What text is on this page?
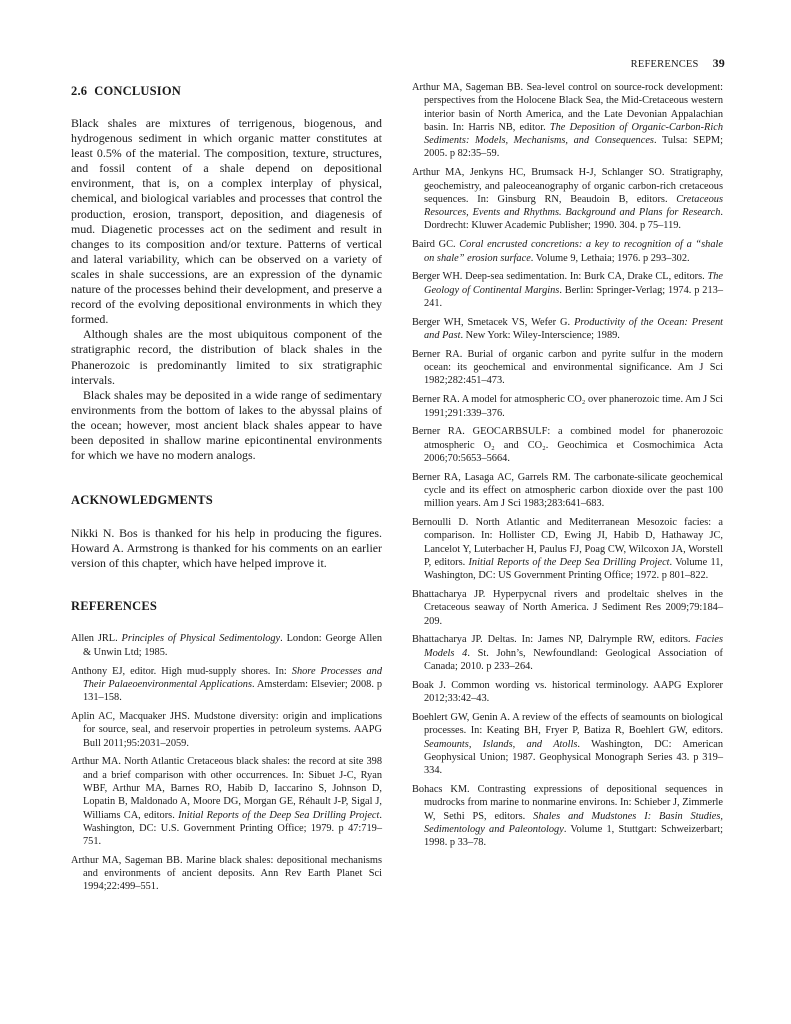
REFERENCES 39
2.6 CONCLUSION

Black shales are mixtures of terrigenous, biogenous, and hydrogenous sediment in which organic matter constitutes at least 0.5% of the material. The composition, texture, structures, and fossil content of a shale depend on depositional environment, that is, on a complex interplay of physical, chemical, and biological variables and processes that control the production, erosion, transport, deposition, and diagenesis of mud. Diagenetic processes act on the sediment and result in changes to its composition and/or texture. Patterns of vertical and lateral variability, which can be observed on a variety of scales in shale successions, are an expression of the dynamic nature of the processes behind their development, and preserve a record of the evolving depositional environments in which they formed.

Although shales are the most ubiquitous component of the stratigraphic record, the distribution of black shales in the Phanerozoic is predominantly limited to six stratigraphic intervals.

Black shales may be deposited in a wide range of sedimentary environments from the bottom of lakes to the abyssal plains of the ocean; however, most ancient black shales appear to have been deposited in shallow marine epicontinental environments for which we have no modern analogs.

ACKNOWLEDGMENTS

Nikki N. Bos is thanked for his help in producing the figures. Howard A. Armstrong is thanked for his comments on an earlier version of this chapter, which have helped improve it.

REFERENCES

Allen JRL. Principles of Physical Sedimentology. London: George Allen & Unwin Ltd; 1985.

Anthony EJ, editor. High mud-supply shores. In: Shore Processes and Their Palaeoenvironmental Applications. Amsterdam: Elsevier; 2008. p 131–158.

Aplin AC, Macquaker JHS. Mudstone diversity: origin and implications for source, seal, and reservoir properties in petroleum systems. AAPG Bull 2011;95:2031–2059.

Arthur MA. North Atlantic Cretaceous black shales: the record at site 398 and a brief comparison with other occurrences. In: Sibuet J-C, Ryan WBF, Arthur MA, Barnes RO, Habib D, Iaccarino S, Johnson D, Lopatin B, Maldonado A, Moore DG, Morgan GE, Réhault J-P, Sigal J, Williams CA, editors. Initial Reports of the Deep Sea Drilling Project. Washington, DC: U.S. Government Printing Office; 1979. p 47:719–751.

Arthur MA, Sageman BB. Marine black shales: depositional mechanisms and environments of ancient deposits. Ann Rev Earth Planet Sci 1994;22:499–551.

Arthur MA, Sageman BB. Sea-level control on source-rock development: perspectives from the Holocene Black Sea, the Mid-Cretaceous western interior basin of North America, and the Late Devonian Appalachian basin. In: Harris NB, editor. The Deposition of Organic-Carbon-Rich Sediments: Models, Mechanisms, and Consequences. Tulsa: SEPM; 2005. p 82:35–59.

Arthur MA, Jenkyns HC, Brumsack H-J, Schlanger SO. Stratigraphy, geochemistry, and paleoceanography of organic carbon-rich cretaceous sequences. In: Ginsburg RN, Beaudoin B, editors. Cretaceous Resources, Events and Rhythms. Background and Plans for Research. Dordrecht: Kluwer Academic Publisher; 1990. 304. p 75–119.

Baird GC. Coral encrusted concretions: a key to recognition of a “shale on shale” erosion surface. Volume 9, Lethaia; 1976. p 293–302.

Berger WH. Deep-sea sedimentation. In: Burk CA, Drake CL, editors. The Geology of Continental Margins. Berlin: Springer-Verlag; 1974. p 213–241.

Berger WH, Smetacek VS, Wefer G. Productivity of the Ocean: Present and Past. New York: Wiley-Interscience; 1989.

Berner RA. Burial of organic carbon and pyrite sulfur in the modern ocean: its geochemical and environmental significance. Am J Sci 1982;282:451–473.

Berner RA. A model for atmospheric CO₂ over phanerozoic time. Am J Sci 1991;291:339–376.

Berner RA. GEOCARBSULF: a combined model for phanerozoic atmospheric O₂ and CO₂. Geochimica et Cosmochimica Acta 2006;70:5653–5664.

Berner RA, Lasaga AC, Garrels RM. The carbonate-silicate geochemical cycle and its effect on atmospheric carbon dioxide over the past 100 million years. Am J Sci 1983;283:641–683.

Bernoulli D. North Atlantic and Mediterranean Mesozoic facies: a comparison. In: Hollister CD, Ewing JI, Habib D, Hathaway JC, Lancelot Y, Luterbacher H, Paulus FJ, Poag CW, Wilcoxon JA, Worstell P, editors. Initial Reports of the Deep Sea Drilling Project. Volume 11, Washington, DC: US Government Printing Office; 1972. p 801–822.

Bhattacharya JP. Hyperpycnal rivers and prodeltaic shelves in the Cretaceous seaway of North America. J Sediment Res 2009;79:184–209.

Bhattacharya JP. Deltas. In: James NP, Dalrymple RW, editors. Facies Models 4. St. John’s, Newfoundland: Geological Association of Canada; 2010. p 233–264.

Boak J. Common wording vs. historical terminology. AAPG Explorer 2012;33:42–43.

Boehlert GW, Genin A. A review of the effects of seamounts on biological processes. In: Keating BH, Fryer P, Batiza R, Boehlert GW, editors. Seamounts, Islands, and Atolls. Washington, DC: American Geophysical Union; 1987. Geophysical Monograph Series 43. p 319–334.

Bohacs KM. Contrasting expressions of depositional sequences in mudrocks from marine to nonmarine environs. In: Schieber J, Zimmerle W, Sethi PS, editors. Shales and Mudstones I: Basin Studies, Sedimentology and Paleontology. Volume 1, Stuttgart: Schweizerbart; 1998. p 33–78.
